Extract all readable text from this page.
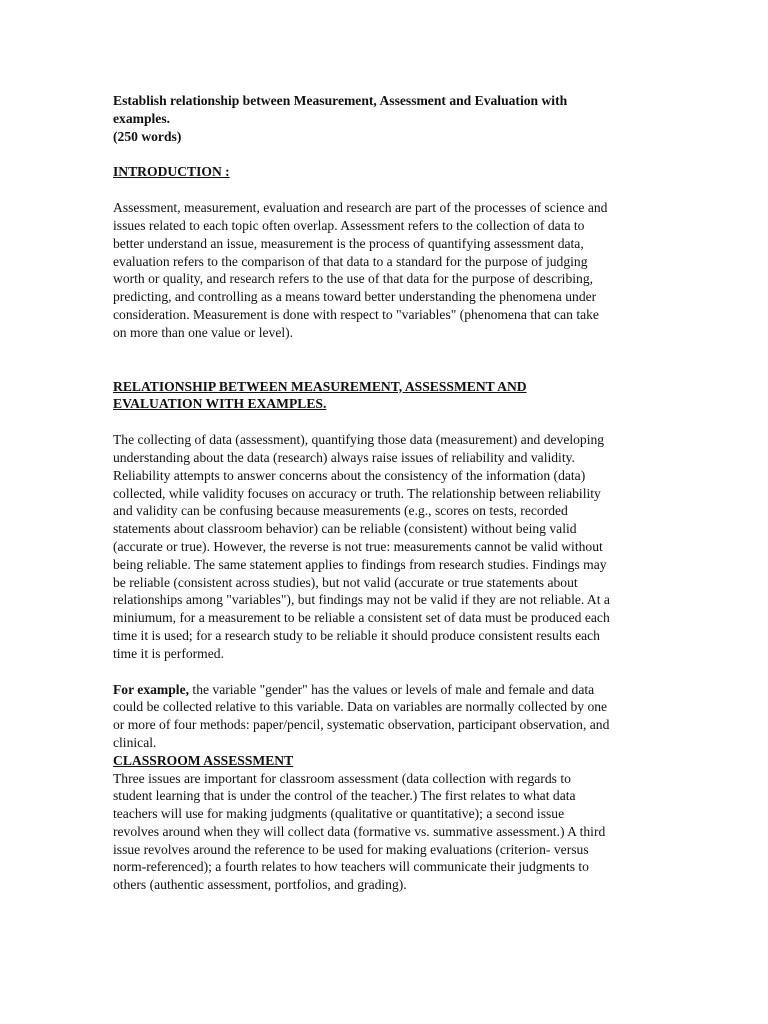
Establish relationship between Measurement, Assessment and Evaluation with
examples.
(250 words)
INTRODUCTION :
Assessment, measurement, evaluation and research are part of the processes of science and
issues related to each topic often overlap. Assessment refers to the collection of data to
better understand an issue, measurement is the process of quantifying assessment data,
evaluation refers to the comparison of that data to a standard for the purpose of judging
worth or quality, and research refers to the use of that data for the purpose of describing,
predicting, and controlling as a means toward better understanding the phenomena under
consideration. Measurement is done with respect to "variables" (phenomena that can take
on more than one value or level).
RELATIONSHIP BETWEEN MEASUREMENT, ASSESSMENT AND
EVALUATION WITH EXAMPLES.
The collecting of data (assessment), quantifying those data (measurement) and developing
understanding about the data (research) always raise issues of reliability and validity.
Reliability attempts to answer concerns about the consistency of the information (data)
collected, while validity focuses on accuracy or truth. The relationship between reliability
and validity can be confusing because measurements (e.g., scores on tests, recorded
statements about classroom behavior) can be reliable (consistent) without being valid
(accurate or true). However, the reverse is not true: measurements cannot be valid without
being reliable. The same statement applies to findings from research studies. Findings may
be reliable (consistent across studies), but not valid (accurate or true statements about
relationships among "variables"), but findings may not be valid if they are not reliable. At a
miniumum, for a measurement to be reliable a consistent set of data must be produced each
time it is used; for a research study to be reliable it should produce consistent results each
time it is performed.
For example, the variable "gender" has the values or levels of male and female and data
could be collected relative to this variable. Data on variables are normally collected by one
or more of four methods: paper/pencil, systematic observation, participant observation, and
clinical.
CLASSROOM ASSESSMENT
Three issues are important for classroom assessment (data collection with regards to
student learning that is under the control of the teacher.) The first relates to what data
teachers will use for making judgments (qualitative or quantitative); a second issue
revolves around when they will collect data (formative vs. summative assessment.) A third
issue revolves around the reference to be used for making evaluations (criterion- versus
norm-referenced); a fourth relates to how teachers will communicate their judgments to
others (authentic assessment, portfolios, and grading).
